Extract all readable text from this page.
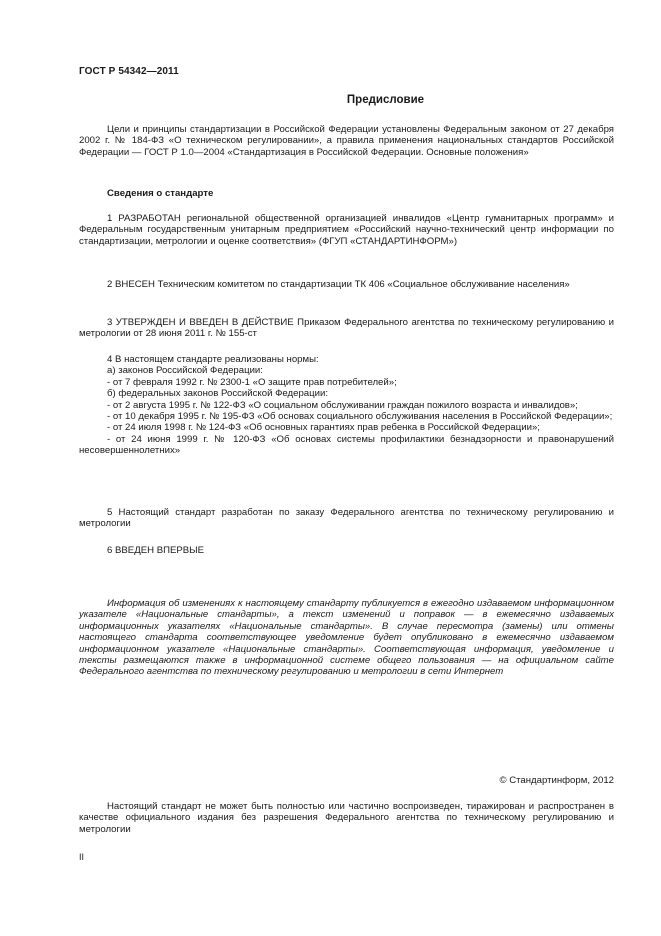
ГОСТ Р 54342—2011
Предисловие

Цели и принципы стандартизации в Российской Федерации установлены Федеральным законом от 27 декабря 2002 г. № 184-ФЗ «О техническом регулировании», а правила применения национальных стандартов Российской Федерации — ГОСТ Р 1.0—2004 «Стандартизация в Российской Федерации. Основные положения»

Сведения о стандарте

1 РАЗРАБОТАН региональной общественной организацией инвалидов «Центр гуманитарных программ» и Федеральным государственным унитарным предприятием «Российский научно-технический центр информации по стандартизации, метрологии и оценке соответствия» (ФГУП «СТАНДАРТИНФОРМ»)

2 ВНЕСЕН Техническим комитетом по стандартизации ТК 406 «Социальное обслуживание населения»

3 УТВЕРЖДЕН И ВВЕДЕН В ДЕЙСТВИЕ Приказом Федерального агентства по техническому регулированию и метрологии от 28 июня 2011 г. № 155-ст

4 В настоящем стандарте реализованы нормы:

а) законов Российской Федерации:

- от 7 февраля 1992 г. № 2300-1 «О защите прав потребителей»;

б) федеральных законов Российской Федерации:

- от 2 августа 1995 г. № 122-ФЗ «О социальном обслуживании граждан пожилого возраста и инвалидов»;

- от 10 декабря 1995 г. № 195-ФЗ «Об основах социального обслуживания населения в Российской Федерации»;

- от 24 июля 1998 г. № 124-ФЗ «Об основных гарантиях прав ребенка в Российской Федерации»;

- от 24 июня 1999 г. № 120-ФЗ «Об основах системы профилактики безнадзорности и правонарушений несовершеннолетних»

5 Настоящий стандарт разработан по заказу Федерального агентства по техническому регулированию и метрологии

6 ВВЕДЕН ВПЕРВЫЕ

Информация об изменениях к настоящему стандарту публикуется в ежегодно издаваемом информационном указателе «Национальные стандарты», а текст изменений и поправок — в ежемесячно издаваемых информационных указателях «Национальные стандарты». В случае пересмотра (замены) или отмены настоящего стандарта соответствующее уведомление будет опубликовано в ежемесячно издаваемом информационном указателе «Национальные стандарты». Соответствующая информация, уведомление и тексты размещаются также в информационной системе общего пользования — на официальном сайте Федерального агентства по техническому регулированию и метрологии в сети Интернет

© Стандартинформ, 2012

Настоящий стандарт не может быть полностью или частично воспроизведен, тиражирован и распространен в качестве официального издания без разрешения Федерального агентства по техническому регулированию и метрологии

II
